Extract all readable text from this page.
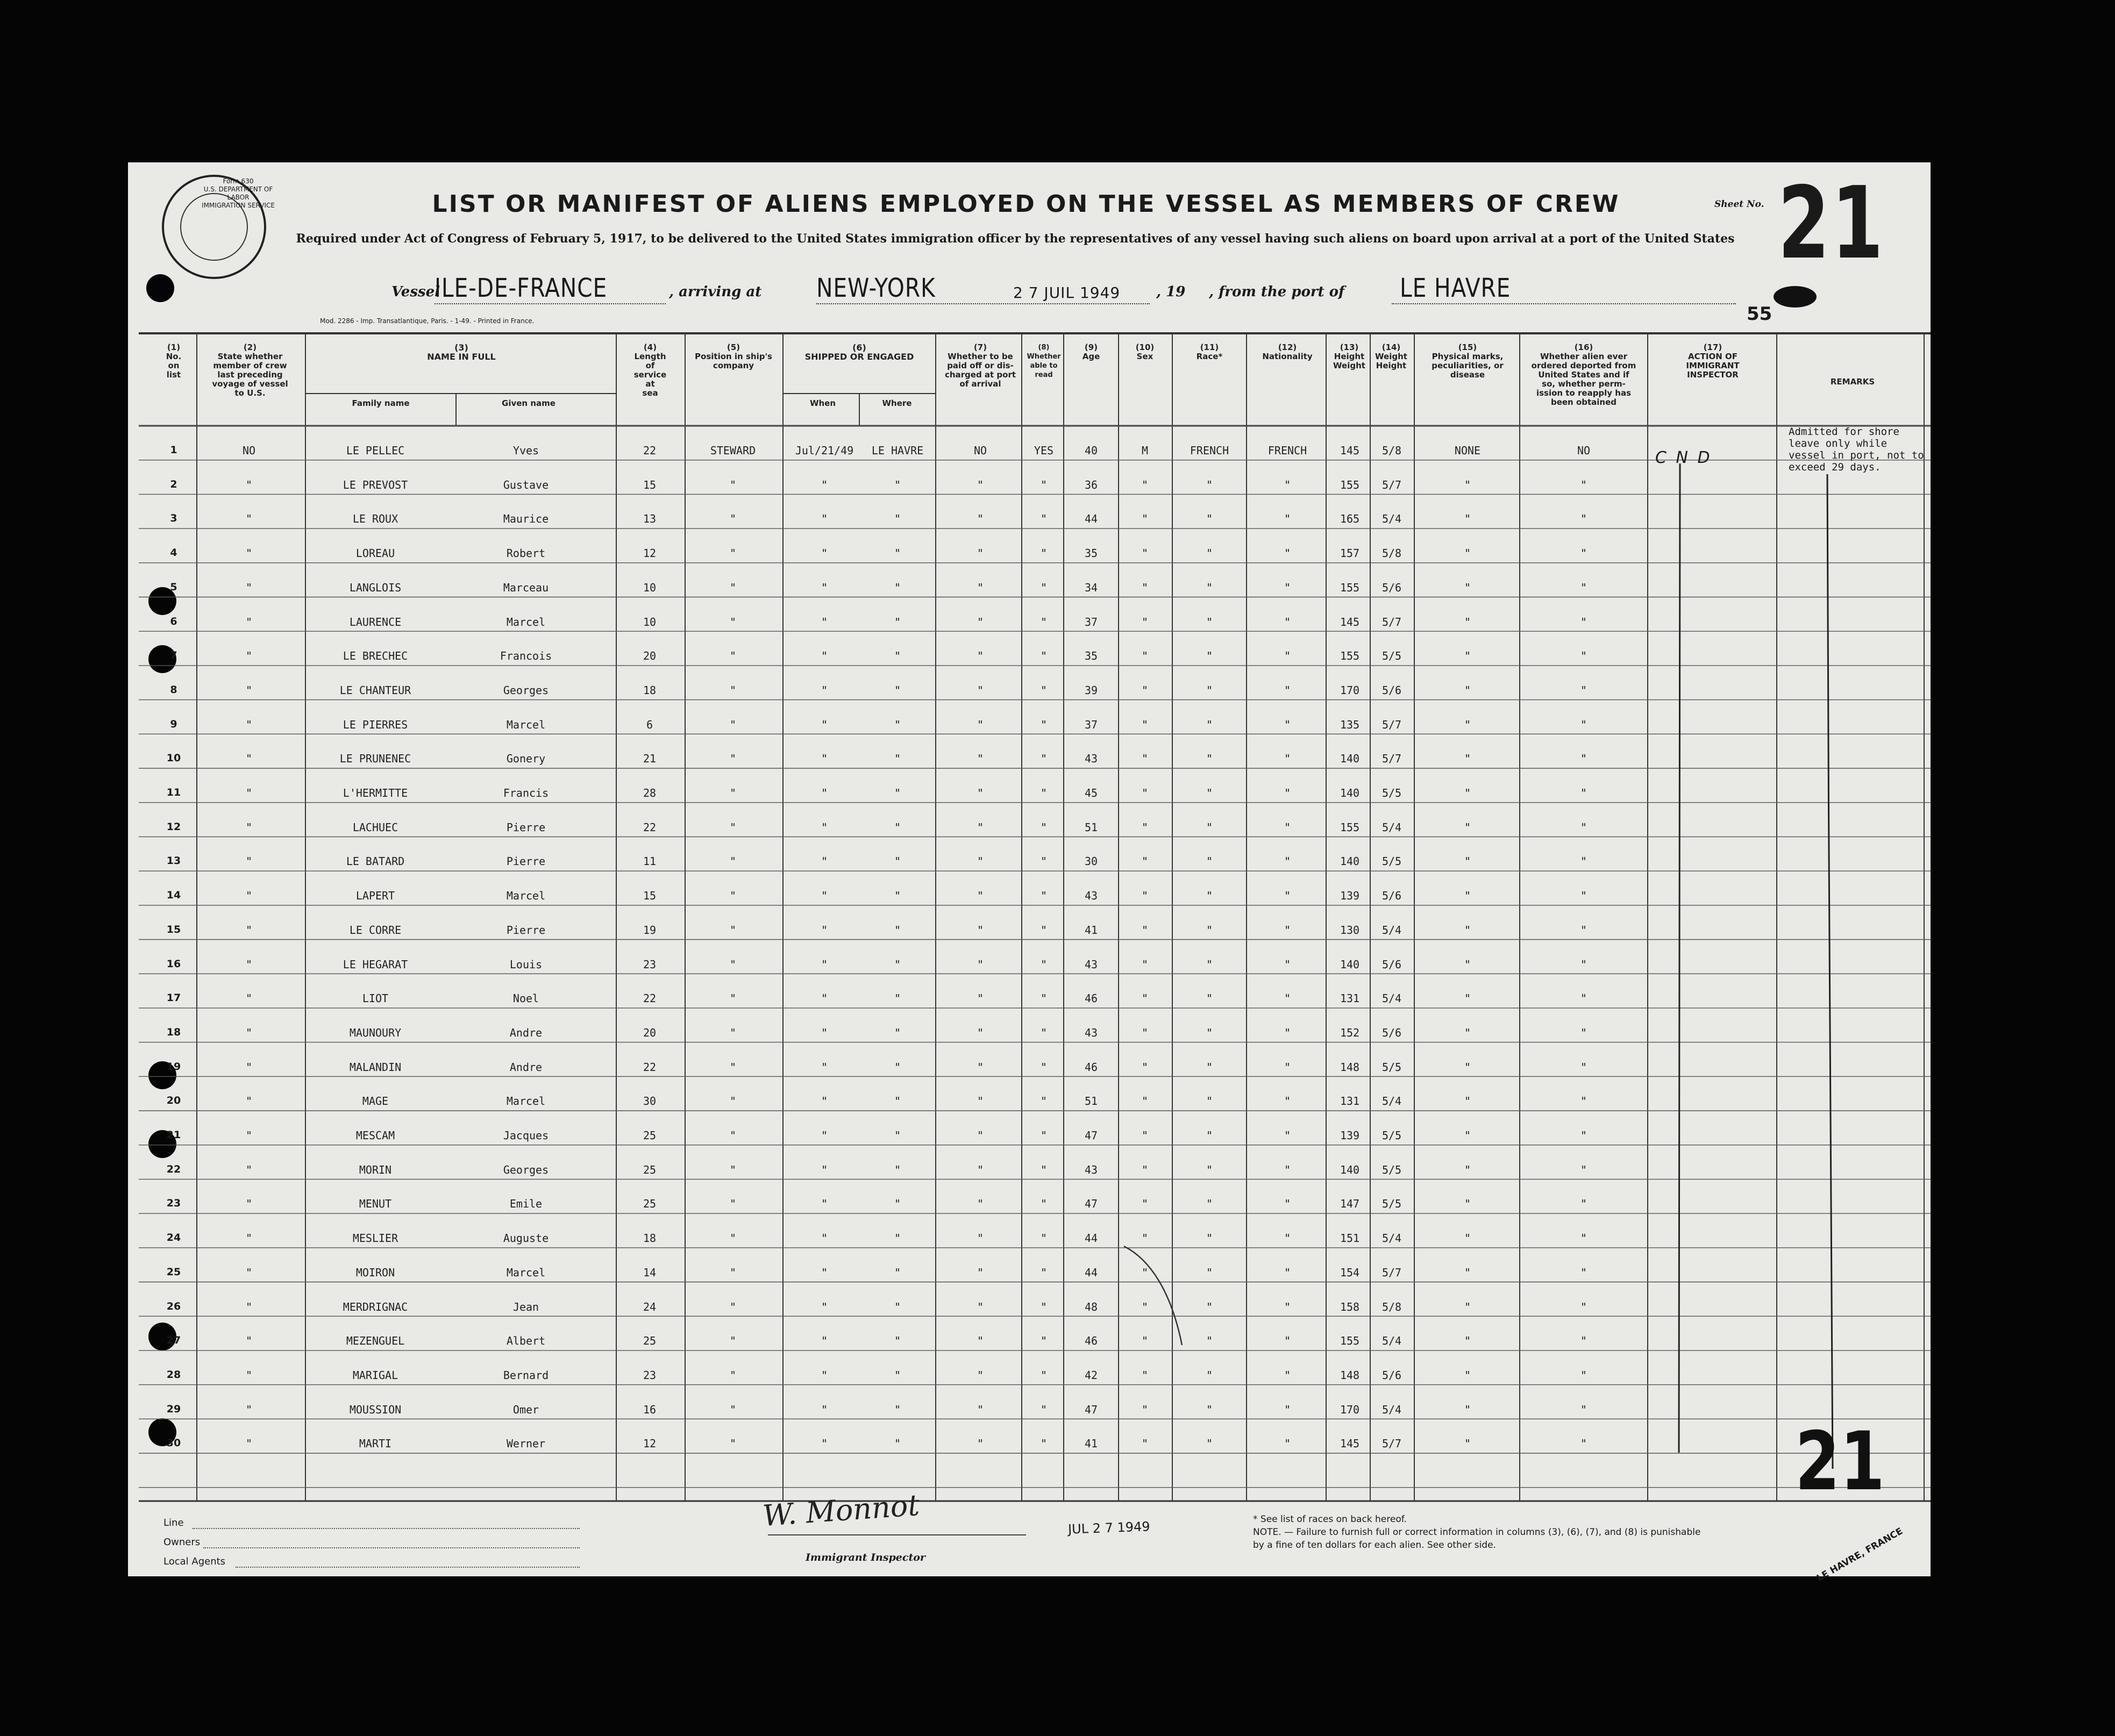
Form 630
U.S. DEPARTMENT OF LABOR
IMMIGRATION SERVICE	LIST OR MANIFEST OF ALIENS EMPLOYED ON THE VESSEL AS MEMBERS OF CREW
Required under Act of Congress of February 5, 1917, to be delivered to the United States immigration officer by the representatives of any vessel having such aliens on board upon arrival at a port of the United States
Sheet No. 21
Vessel
ILE-DE-FRANCE	, arriving at NEW-YORK	2 7 JUIL 1949	, 19 , from the port of LE HAVRE
Mod. 2286 - Imp. Transatlantique, Paris. - 1-49. - Printed in France.	55
(1)
No.
on
list
(2)
State whether
member of crew
last preceding
voyage of vessel
to U.S.
(3)
NAME IN FULL
Family name	Given name
(4)
Length
of
service
at
sea
(5)
Position in ship's
company
(6)
SHIPPED OR ENGAGED
When	Where
(7)
Whether to be
paid off or dis-
charged at port
of arrival
(8)
Whether
able to
read
(9)
Age
(10)
Sex
(11)
Race*
(12)
Nationality
(13)
Height
Weight
(14)
Weight
Height
(15)
Physical marks,
peculiarities, or
disease
(16)
Whether alien ever
ordered deported from
United States and if
so, whether perm-
ission to reapply has
been obtained
(17)
ACTION OF
IMMIGRANT
INSPECTOR
REMARKS
1	NO	LE PELLEC	Yves	22	STEWARD	Jul/21/49	LE HAVRE	NO	YES	40	M	FRENCH	FRENCH	145	5/8	NONE	NO
2	"	LE PREVOST	Gustave	15	"	"	"	"	"	36	"	"	"	155	5/7	"	"
3	"	LE ROUX	Maurice	13	"	"	"	"	"	44	"	"	"	165	5/4	"	"
4	"	LOREAU	Robert	12	"	"	"	"	"	35	"	"	"	157	5/8	"	"
5	"	LANGLOIS	Marceau	10	"	"	"	"	"	34	"	"	"	155	5/6	"	"
6	"	LAURENCE	Marcel	10	"	"	"	"	"	37	"	"	"	145	5/7	"	"
7	"	LE BRECHEC	Francois	20	"	"	"	"	"	35	"	"	"	155	5/5	"	"
8	"	LE CHANTEUR	Georges	18	"	"	"	"	"	39	"	"	"	170	5/6	"	"
9	"	LE PIERRES	Marcel	6	"	"	"	"	"	37	"	"	"	135	5/7	"	"
10	"	LE PRUNENEC	Gonery	21	"	"	"	"	"	43	"	"	"	140	5/7	"	"
11	"	L'HERMITTE	Francis	28	"	"	"	"	"	45	"	"	"	140	5/5	"	"
12	"	LACHUEC	Pierre	22	"	"	"	"	"	51	"	"	"	155	5/4	"	"
13	"	LE BATARD	Pierre	11	"	"	"	"	"	30	"	"	"	140	5/5	"	"
14	"	LAPERT	Marcel	15	"	"	"	"	"	43	"	"	"	139	5/6	"	"
15	"	LE CORRE	Pierre	19	"	"	"	"	"	41	"	"	"	130	5/4	"	"
16	"	LE HEGARAT	Louis	23	"	"	"	"	"	43	"	"	"	140	5/6	"	"
17	"	LIOT	Noel	22	"	"	"	"	"	46	"	"	"	131	5/4	"	"
18	"	MAUNOURY	Andre	20	"	"	"	"	"	43	"	"	"	152	5/6	"	"
19	"	MALANDIN	Andre	22	"	"	"	"	"	46	"	"	"	148	5/5	"	"
20	"	MAGE	Marcel	30	"	"	"	"	"	51	"	"	"	131	5/4	"	"
21	"	MESCAM	Jacques	25	"	"	"	"	"	47	"	"	"	139	5/5	"	"
22	"	MORIN	Georges	25	"	"	"	"	"	43	"	"	"	140	5/5	"	"
23	"	MENUT	Emile	25	"	"	"	"	"	47	"	"	"	147	5/5	"	"
24	"	MESLIER	Auguste	18	"	"	"	"	"	44	"	"	"	151	5/4	"	"
25	"	MOIRON	Marcel	14	"	"	"	"	"	44	"	"	"	154	5/7	"	"
26	"	MERDRIGNAC	Jean	24	"	"	"	"	"	48	"	"	"	158	5/8	"	"
27	"	MEZENGUEL	Albert	25	"	"	"	"	"	46	"	"	"	155	5/4	"	"
28	"	MARIGAL	Bernard	23	"	"	"	"	"	42	"	"	"	148	5/6	"	"
29	"	MOUSSION	Omer	16	"	"	"	"	"	47	"	"	"	170	5/4	"	"
30	"	MARTI	Werner	12	"	"	"	"	"	41	"	"	"	145	5/7	"	"
Admitted for shore leave only while vessel in port, not to exceed 29 days.
C N D
Line
Owners
Local Agents
W. Monnot
Immigrant Inspector
JUL 2 7 1949	* See list of races on back hereof.
NOTE. — Failure to furnish full or correct information in columns (3), (6), (7), and (8) is punishable by a fine of ten dollars for each alien. See other side.	LE HAVRE, FRANCE
21
